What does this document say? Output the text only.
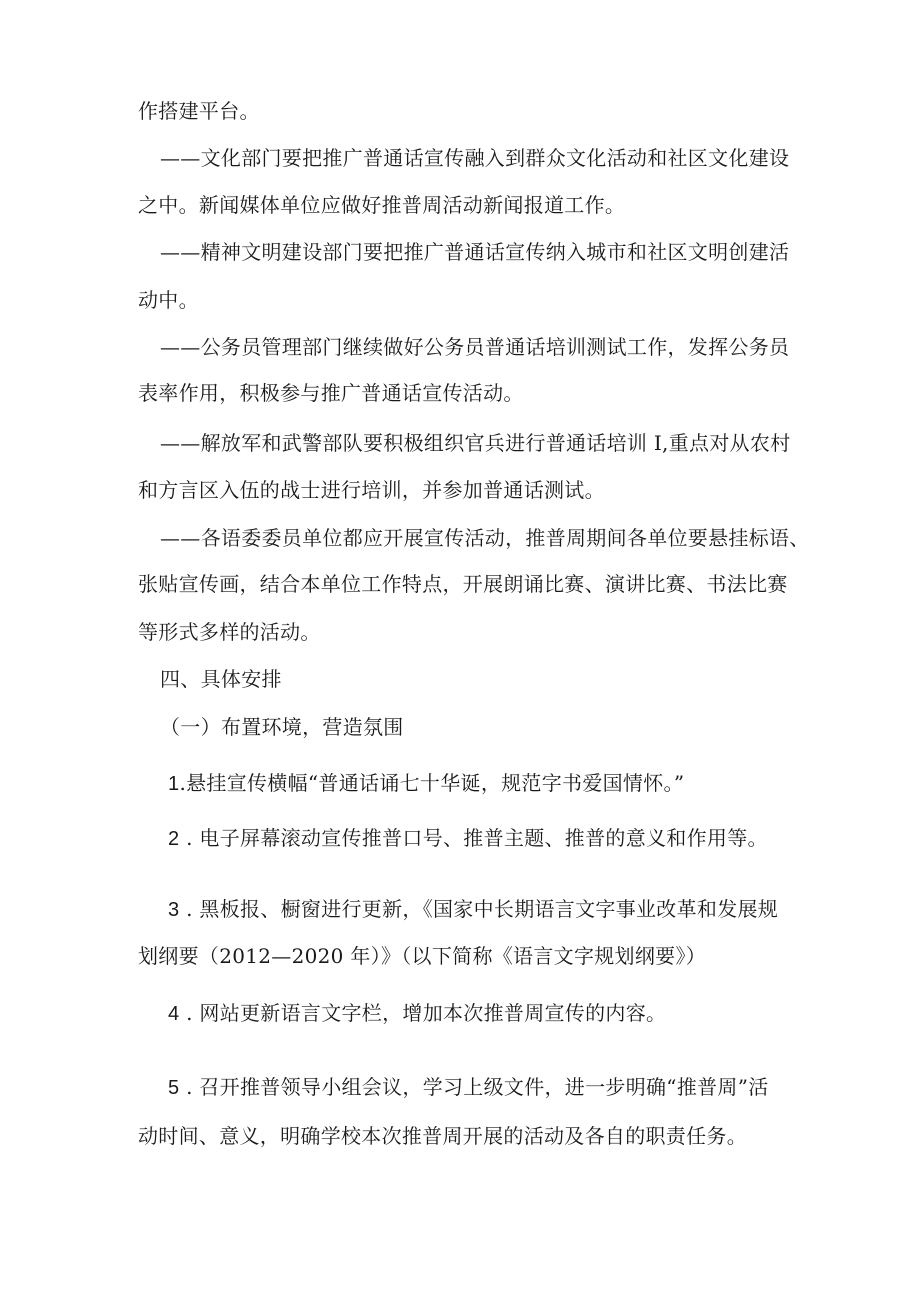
作搭建平台。
——文化部门要把推广普通话宣传融入到群众文化活动和社区文化建设
之中。新闻媒体单位应做好推普周活动新闻报道工作。
——精神文明建设部门要把推广普通话宣传纳入城市和社区文明创建活
动中。
——公务员管理部门继续做好公务员普通话培训测试工作，发挥公务员
表率作用，积极参与推广普通话宣传活动。
——解放军和武警部队要积极组织官兵进行普通话培训 I,重点对从农村
和方言区入伍的战士进行培训，并参加普通话测试。
——各语委委员单位都应开展宣传活动，推普周期间各单位要悬挂标语、
张贴宣传画，结合本单位工作特点，开展朗诵比赛、演讲比赛、书法比赛
等形式多样的活动。
四、具体安排
（一）布置环境，营造氛围
1.悬挂宣传横幅“普通话诵七十华诞，规范字书爱国情怀。”
2 . 电子屏幕滚动宣传推普口号、推普主题、推普的意义和作用等。
3 . 黑板报、橱窗进行更新，《国家中长期语言文字事业改革和发展规
划纲要（2012—2020 年）》（以下简称《语言文字规划纲要》）
4 . 网站更新语言文字栏，增加本次推普周宣传的内容。
5 . 召开推普领导小组会议，学习上级文件，进一步明确“推普周”活
动时间、意义，明确学校本次推普周开展的活动及各自的职责任务。
